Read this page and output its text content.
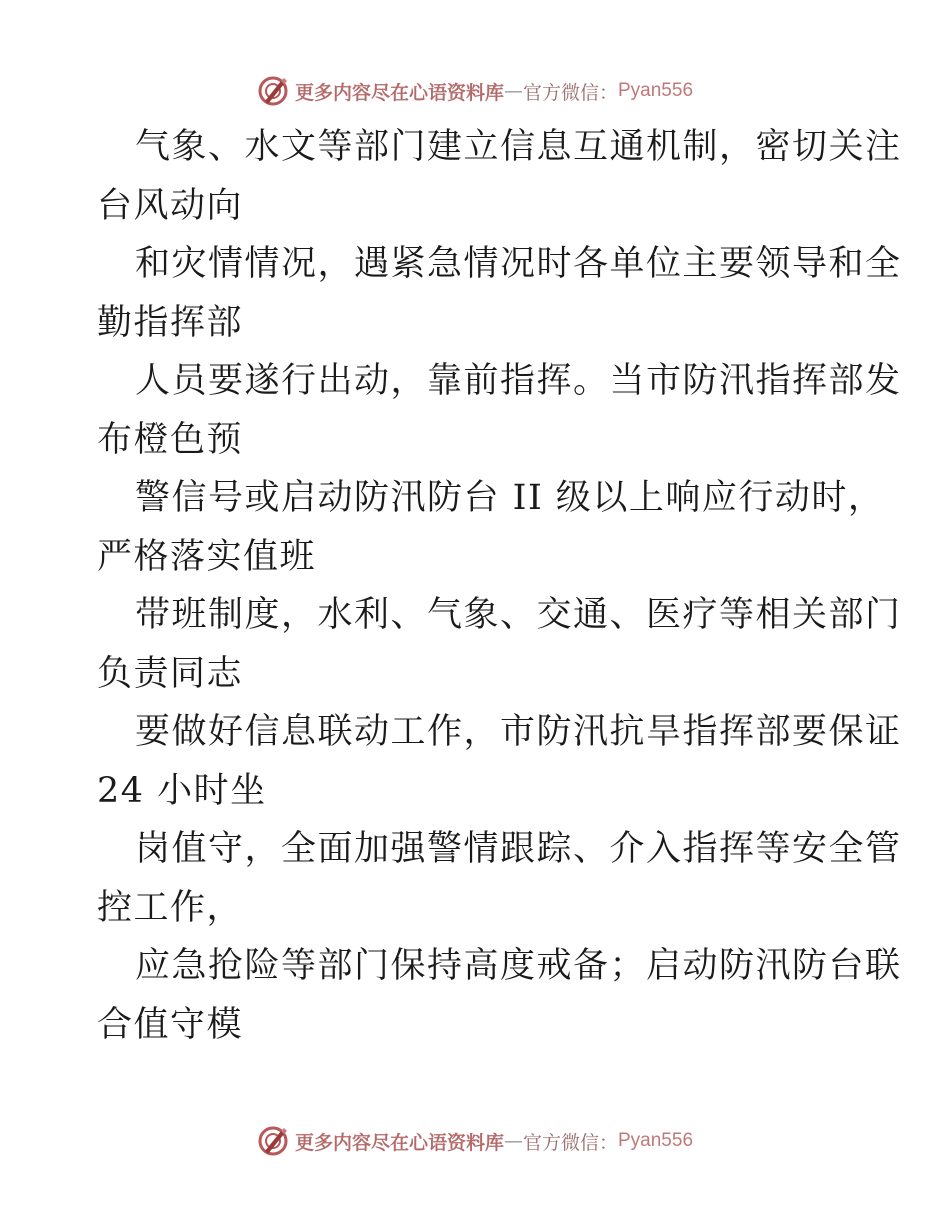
更多内容尽在心语资料库 — 官方微信： Pyan556
气象、水文等部门建立信息互通机制，密切关注
台风动向
和灾情情况，遇紧急情况时各单位主要领导和全
勤指挥部
人员要遂行出动，靠前指挥。当市防汛指挥部发
布橙色预
警信号或启动防汛防台 II 级以上响应行动时，
严格落实值班
带班制度，水利、气象、交通、医疗等相关部门
负责同志
要做好信息联动工作，市防汛抗旱指挥部要保证
24 小时坐
岗值守，全面加强警情跟踪、介入指挥等安全管
控工作，
应急抢险等部门保持高度戒备；启动防汛防台联
合值守模
更多内容尽在心语资料库 — 官方微信： Pyan556
